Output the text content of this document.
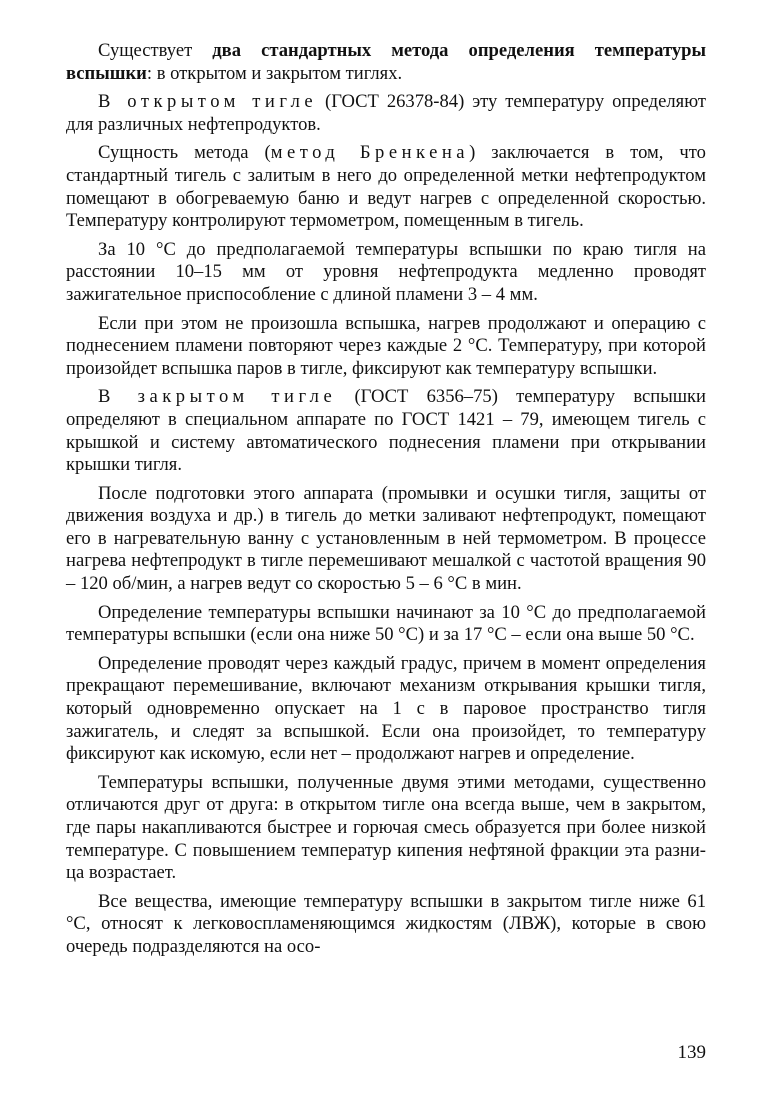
Существует два стандартных метода определения температуры вспышки: в открытом и закрытом тиглях.

В открытом тигле (ГОСТ 26378-84) эту температуру определяют для различных нефтепродуктов.

Сущность метода (метод Бренкена) заключается в том, что стандартный тигель с залитым в него до определенной метки нефтепродуктом помещают в обогреваемую баню и ведут нагрев с определенной скоростью. Температуру контролируют термометром, помещенным в тигель.

За 10 °С до предполагаемой температуры вспышки по краю тигля на расстоянии 10–15 мм от уровня нефтепродукта медленно проводят зажигательное приспособление с длиной пламени 3 – 4 мм.

Если при этом не произошла вспышка, нагрев продолжают и операцию с поднесением пламени повторяют через каждые 2 °С. Температуру, при которой произойдет вспышка паров в тигле, фиксируют как температуру вспышки.

В закрытом тигле (ГОСТ 6356–75) температуру вспышки определяют в специальном аппарате по ГОСТ 1421 – 79, имеющем тигель с крышкой и систему автоматического поднесения пламени при открывании крышки тигля.

После подготовки этого аппарата (промывки и осушки тигля, защиты от движения воздуха и др.) в тигель до метки заливают нефтепродукт, помещают его в нагревательную ванну с установленным в ней термометром. В процессе нагрева нефтепродукт в тигле перемешивают мешалкой с частотой вращения 90 – 120 об/мин, а нагрев ведут со скоростью 5 – 6 °С в мин.

Определение температуры вспышки начинают за 10 °С до предполагаемой температуры вспышки (если она ниже 50 °С) и за 17 °С – если она выше 50 °С.

Определение проводят через каждый градус, причем в момент определения прекращают перемешивание, включают механизм открывания крышки тигля, который одновременно опускает на 1 с в паровое пространство тигля зажигатель, и следят за вспышкой. Если она произойдет, то температуру фиксируют как искомую, если нет – продолжают нагрев и определение.

Температуры вспышки, полученные двумя этими методами, существенно отличаются друг от друга: в открытом тигле она всегда выше, чем в закрытом, где пары накапливаются быстрее и горючая смесь образуется при более низкой температуре. С повышением температур кипения нефтяной фракции эта разница возрастает.

Все вещества, имеющие температуру вспышки в закрытом тигле ниже 61 °С, относят к легковоспламеняющимся жидкостям (ЛВЖ), которые в свою очередь подразделяются на осо-

139
